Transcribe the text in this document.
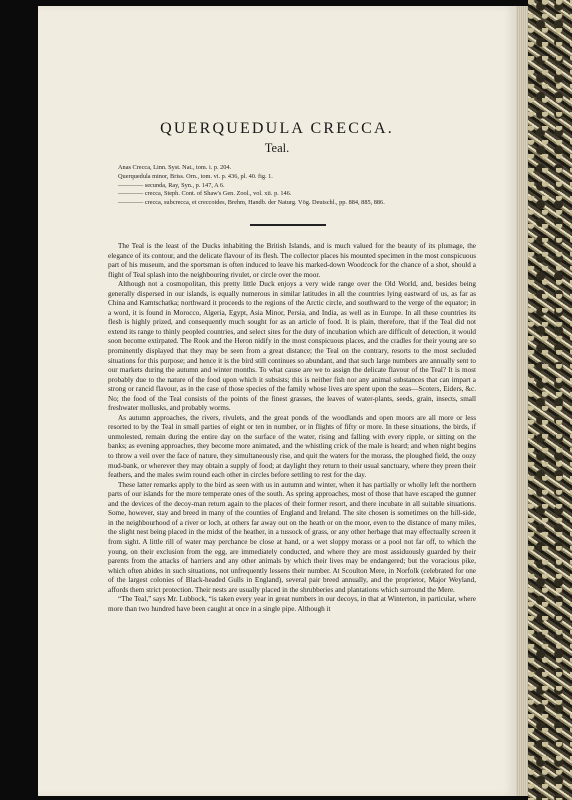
QUERQUEDULA CRECCA.
Teal.
Anas Crecca, Linn. Syst. Nat., tom. i. p. 204.
Querquedula minor, Briss. Orn., tom. vi. p. 436, pl. 40. fig. 1.
———— secunda, Ray, Syn., p. 147, A 6.
———— crecca, Steph. Cont. of Shaw's Gen. Zool., vol. xii. p. 146.
———— crecca, subcrecca, et creccoides, Brehm, Handb. der Naturg. Vög. Deutschl., pp. 884, 885, 886.

The Teal is the least of the Ducks inhabiting the British Islands, and is much valued for the beauty of its plumage, the elegance of its contour, and the delicate flavour of its flesh. The collector places his mounted specimen in the most conspicuous part of his museum, and the sportsman is often induced to leave his marked-down Woodcock for the chance of a shot, should a flight of Teal splash into the neighbouring rivulet, or circle over the moor.

Although not a cosmopolitan, this pretty little Duck enjoys a very wide range over the Old World, and, besides being generally dispersed in our islands, is equally numerous in similar latitudes in all the countries lying eastward of us, as far as China and Kamtschatka; northward it proceeds to the regions of the Arctic circle, and southward to the verge of the equator; in a word, it is found in Morocco, Algeria, Egypt, Asia Minor, Persia, and India, as well as in Europe. In all these countries its flesh is highly prized, and consequently much sought for as an article of food. It is plain, therefore, that if the Teal did not extend its range to thinly peopled countries, and select sites for the duty of incubation which are difficult of detection, it would soon become extirpated. The Rook and the Heron nidify in the most conspicuous places, and the cradles for their young are so prominently displayed that they may be seen from a great distance; the Teal on the contrary, resorts to the most secluded situations for this purpose; and hence it is the bird still continues so abundant, and that such large numbers are annually sent to our markets during the autumn and winter months. To what cause are we to assign the delicate flavour of the Teal? It is most probably due to the nature of the food upon which it subsists; this is neither fish nor any animal substances that can impart a strong or rancid flavour, as in the case of those species of the family whose lives are spent upon the seas—Scoters, Eiders, &c. No; the food of the Teal consists of the points of the finest grasses, the leaves of water-plants, seeds, grain, insects, small freshwater mollusks, and probably worms.

As autumn approaches, the rivers, rivulets, and the great ponds of the woodlands and open moors are all more or less resorted to by the Teal in small parties of eight or ten in number, or in flights of fifty or more. In these situations, the birds, if unmolested, remain during the entire day on the surface of the water, rising and falling with every ripple, or sitting on the banks; as evening approaches, they become more animated, and the whistling crick of the male is heard; and when night begins to throw a veil over the face of nature, they simultaneously rise, and quit the waters for the morass, the ploughed field, the oozy mud-bank, or wherever they may obtain a supply of food; at daylight they return to their usual sanctuary, where they preen their feathers, and the males swim round each other in circles before settling to rest for the day.

These latter remarks apply to the bird as seen with us in autumn and winter, when it has partially or wholly left the northern parts of our islands for the more temperate ones of the south. As spring approaches, most of those that have escaped the gunner and the devices of the decoy-man return again to the places of their former resort, and there incubate in all suitable situations. Some, however, stay and breed in many of the counties of England and Ireland. The site chosen is sometimes on the hill-side, in the neighbourhood of a river or loch, at others far away out on the heath or on the moor, even to the distance of many miles, the slight nest being placed in the midst of the heather, in a tussock of grass, or any other herbage that may effectually screen it from sight. A little rill of water may perchance be close at hand, or a wet sloppy morass or a pool not far off, to which the young, on their exclusion from the egg, are immediately conducted, and where they are most assiduously guarded by their parents from the attacks of harriers and any other animals by which their lives may be endangered; but the voracious pike, which often abides in such situations, not unfrequently lessens their number. At Scoulton Mere, in Norfolk (celebrated for one of the largest colonies of Black-headed Gulls in England), several pair breed annually, and the proprietor, Major Weyland, affords them strict protection. Their nests are usually placed in the shrubberies and plantations which surround the Mere.

“The Teal,” says Mr. Lubbock, “is taken every year in great numbers in our decoys, in that at Winterton, in particular, where more than two hundred have been caught at once in a single pipe. Although it
